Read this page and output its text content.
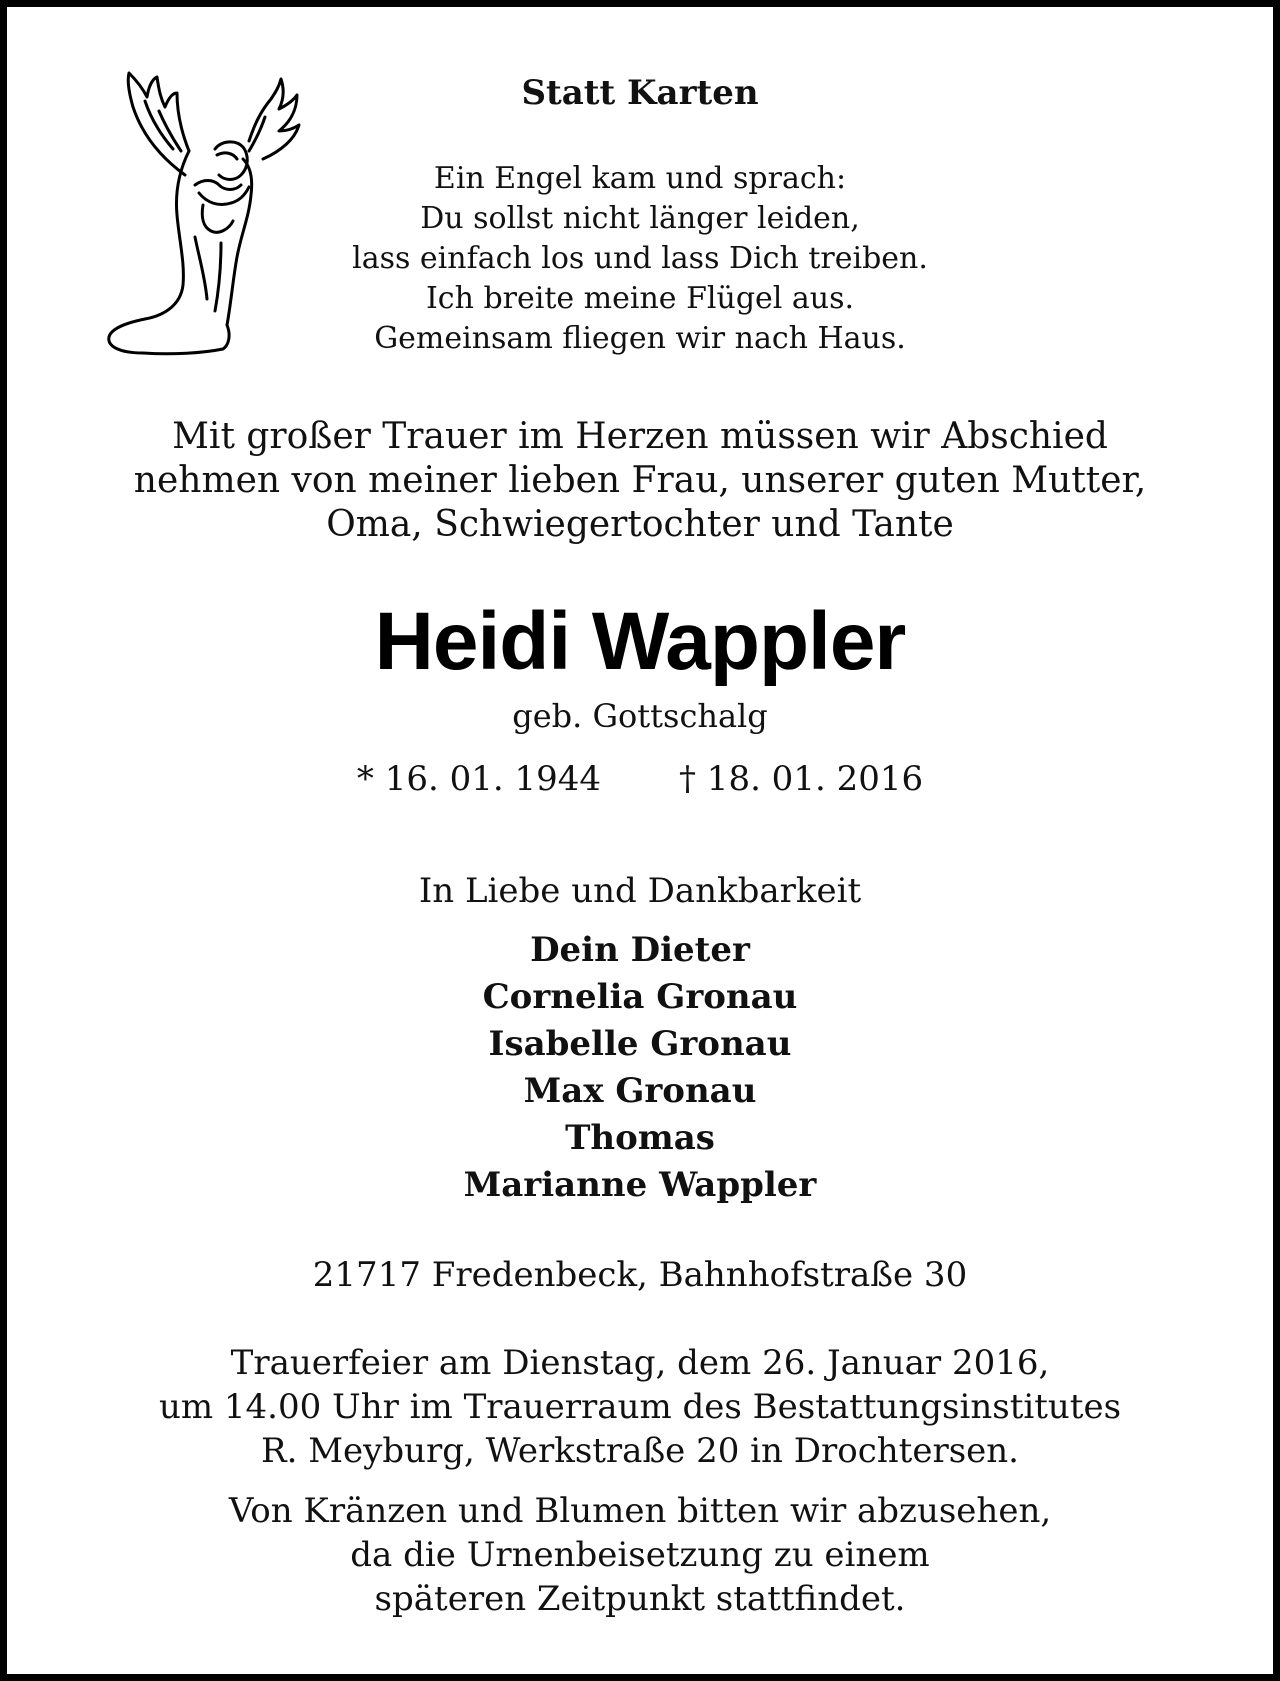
Statt Karten
Ein Engel kam und sprach:
Du sollst nicht länger leiden,
lass einfach los und lass Dich treiben.
Ich breite meine Flügel aus.
Gemeinsam fliegen wir nach Haus.
Mit großer Trauer im Herzen müssen wir Abschied
nehmen von meiner lieben Frau, unserer guten Mutter,
Oma, Schwiegertochter und Tante
Heidi Wappler
geb. Gottschalg
* 16. 01. 1944 † 18. 01. 2016
In Liebe und Dankbarkeit
Dein Dieter
Cornelia Gronau
Isabelle Gronau
Max Gronau
Thomas
Marianne Wappler
21717 Fredenbeck, Bahnhofstraße 30
Trauerfeier am Dienstag, dem 26. Januar 2016,
um 14.00 Uhr im Trauerraum des Bestattungsinstitutes
R. Meyburg, Werkstraße 20 in Drochtersen.
Von Kränzen und Blumen bitten wir abzusehen,
da die Urnenbeisetzung zu einem
späteren Zeitpunkt stattfindet.
